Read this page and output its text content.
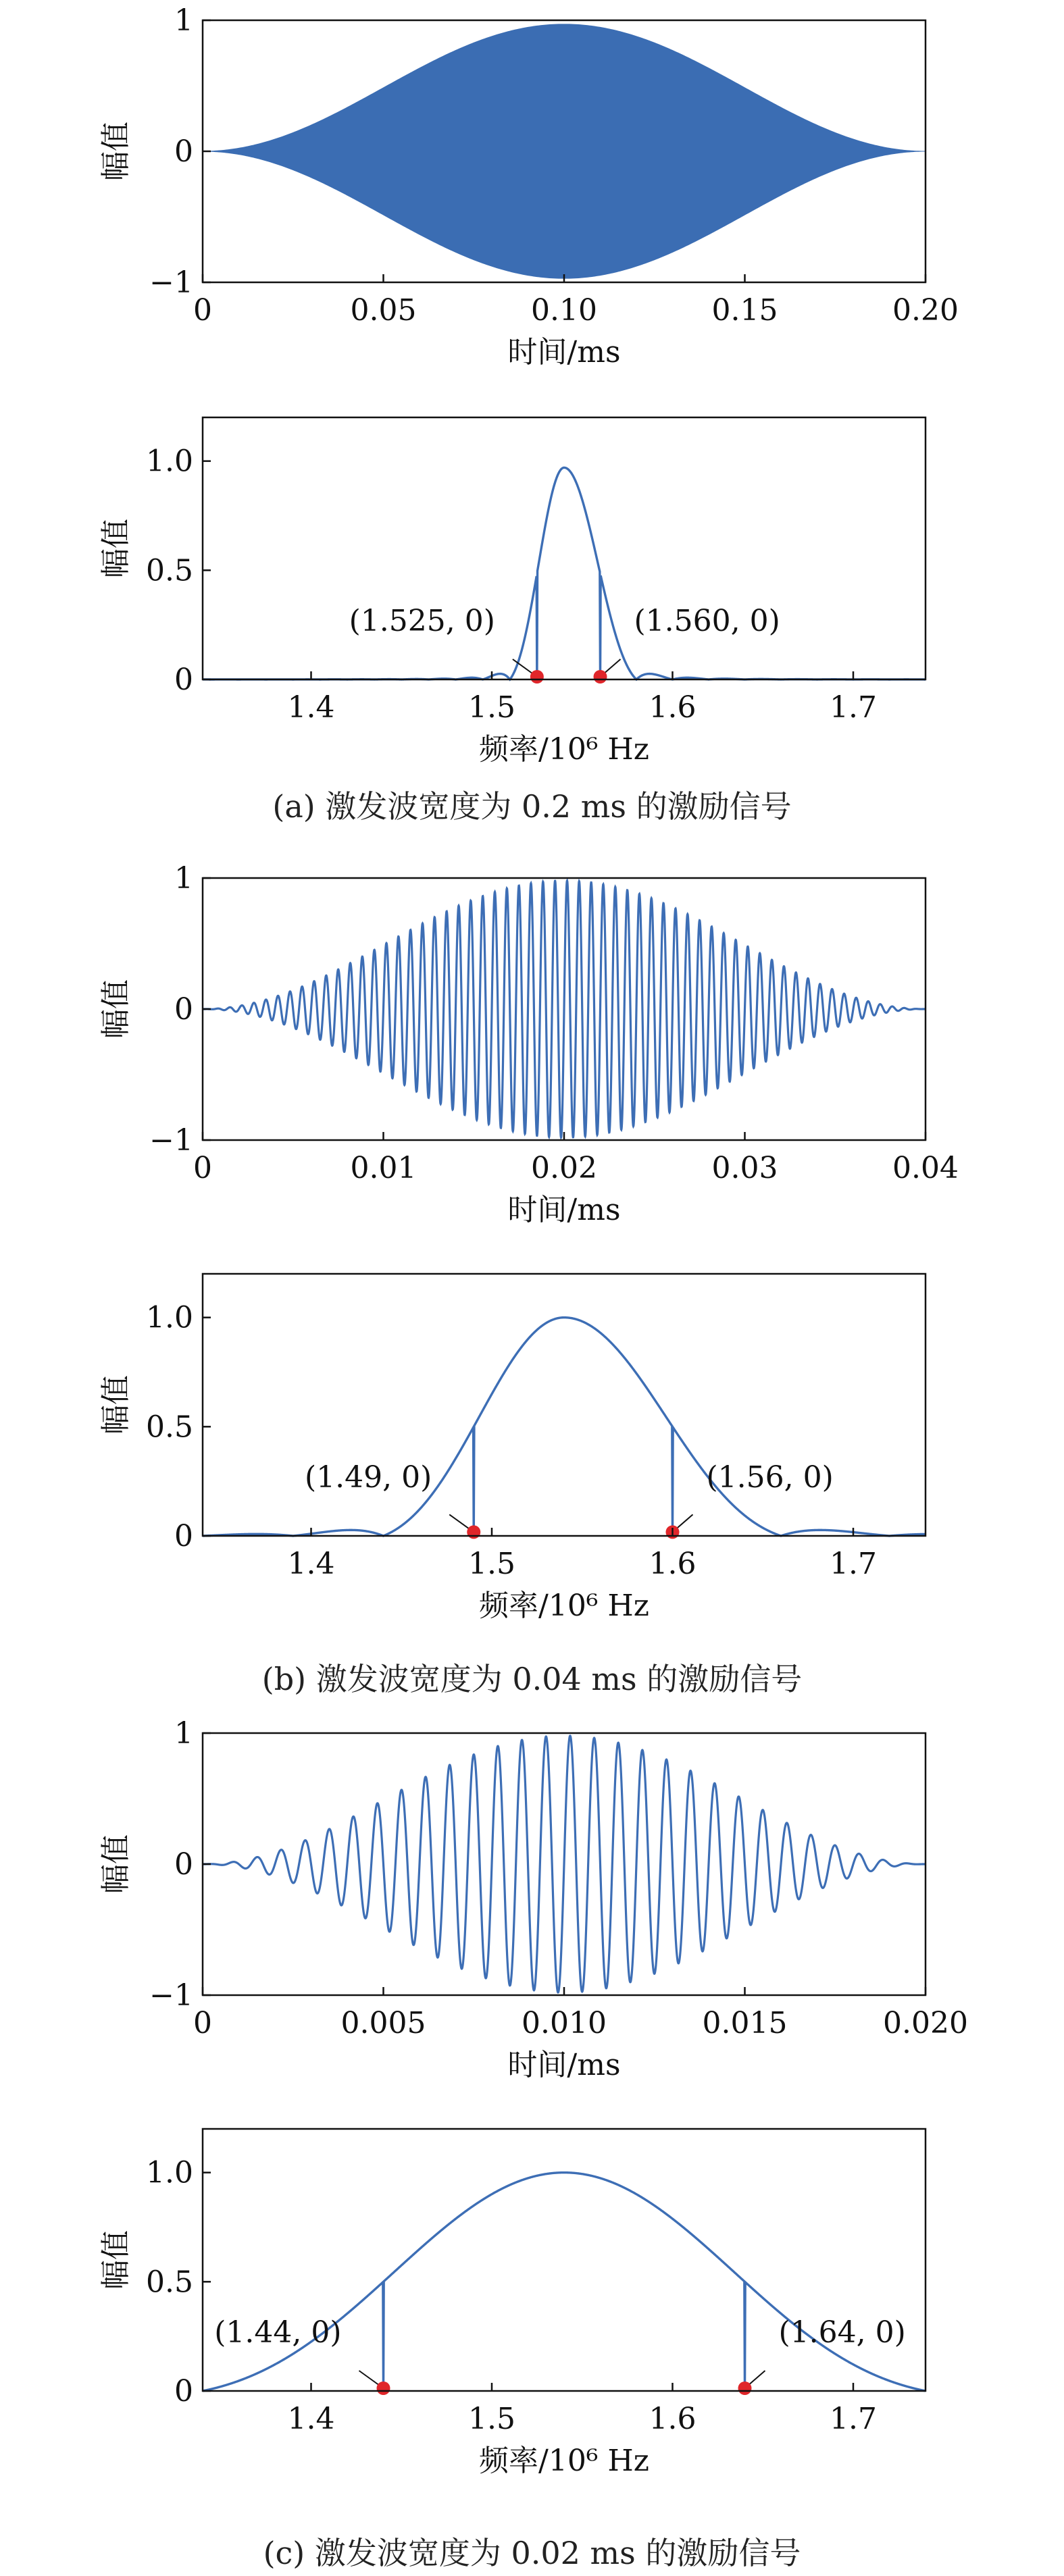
0	0.05	0.10	0.15	0.20
−1
0
1
时间/ms
幅值
(1.525, 0)	(1.560, 0)
1.4	1.5	1.6	1.7
0
0.5
1.0
频率/10⁶ Hz
幅值
0	0.01	0.02	0.03	0.04
−1
0
1
时间/ms
幅值
(1.49, 0)	(1.56, 0)
1.4	1.5	1.6	1.7
0
0.5
1.0
频率/10⁶ Hz
幅值
0	0.005	0.010	0.015	0.020
−1
0
1
时间/ms
幅值
(1.44, 0)	(1.64, 0)
1.4	1.5	1.6	1.7
0
0.5
1.0
频率/10⁶ Hz
幅值
(a) 激发波宽度为 0.2 ms 的激励信号
(b) 激发波宽度为 0.04 ms 的激励信号
(c) 激发波宽度为 0.02 ms 的激励信号
